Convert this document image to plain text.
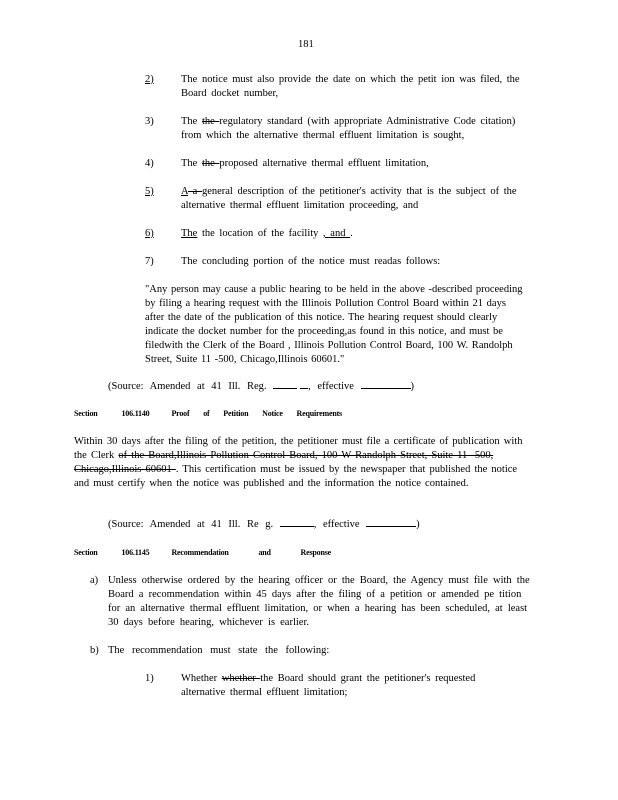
181
2)	The notice must also provide the date on which the petit ion was filed, the Board docket number,
3)	The the regulatory standard (with appropriate Administrative Code citation) from which the alternative thermal effluent limitation is sought,
4)	The the proposed alternative thermal effluent limitation,
5)	A a general description of the petitioner's activity that is the subject of the alternative thermal effluent limitation proceeding, and
6)	The the location of the facility , and .
7)	The concluding portion of the notice must readas follows:
"Any person may cause a public hearing to be held in the above -described proceeding by filing a hearing request with the Illinois Pollution Control Board within 21 days after the date of the publication of this notice. The hearing request should clearly indicate the docket number for the proceeding,as found in this notice, and must be filedwith the Clerk of the Board , Illinois Pollution Control Board, 100 W. Randolph Street, Suite 11 -500, Chicago,Illinois 60601."
(Source: Amended at 41 Ill. Reg.	, effective	)
Section	106.1140	Proof of Petition Notice Requirements
Within 30 days after the filing of the petition, the petitioner must file a certificate of publication with the Clerk of the Board,Illinois Pollution Control Board, 100 W Randolph Street, Suite 11 -500, Chicago,Illinois 60601 . This certification must be issued by the newspaper that published the notice and must certify when the notice was published and the information the notice contained.
(Source: Amended at 41 Ill. Re g.	, effective	)
Section	106.1145	Recommendation and Response
a) Unless otherwise ordered by the hearing officer or the Board, the Agency must file with the Board a recommendation within 45 days after the filing of a petition or amended pe tition for an alternative thermal effluent limitation, or when a hearing has been scheduled, at least 30 days before hearing, whichever is earlier.
b) The recommendation must state the following:
1)	Whether whether the Board should grant the petitioner's requested alternative thermal effluent limitation;
